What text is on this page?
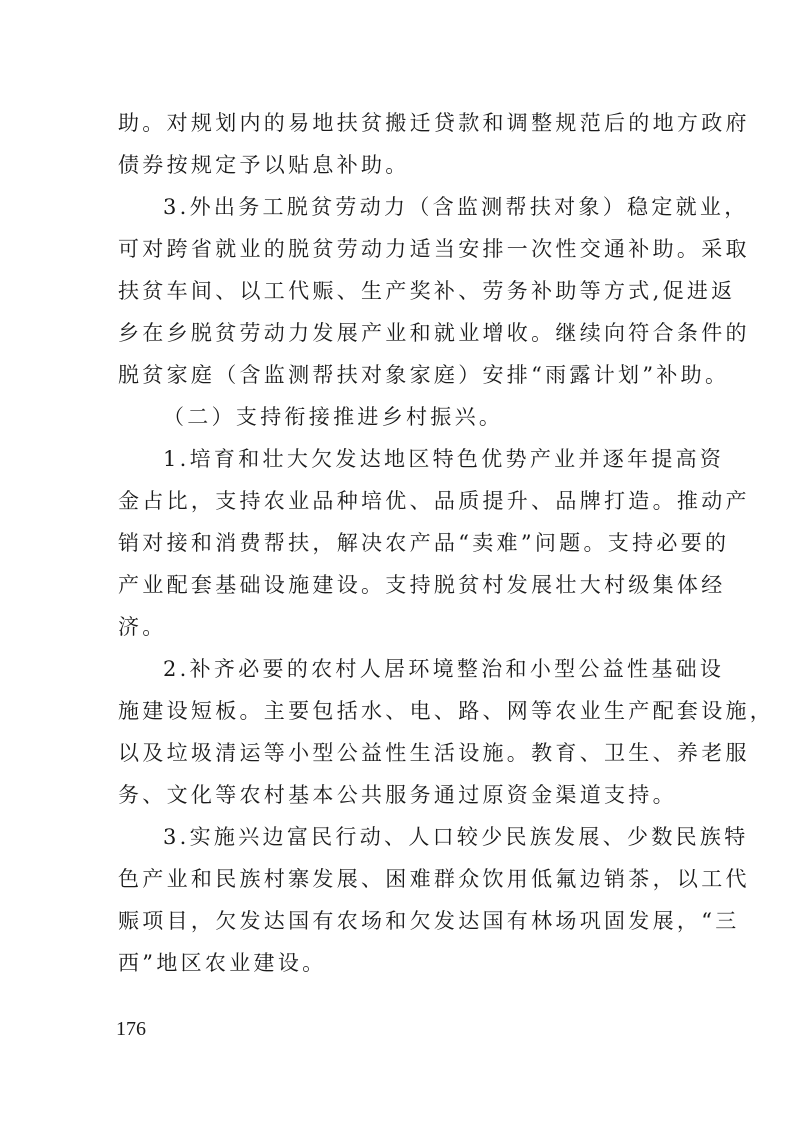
助。对规划内的易地扶贫搬迁贷款和调整规范后的地方政府
债券按规定予以贴息补助。
3.外出务工脱贫劳动力（含监测帮扶对象）稳定就业，
可对跨省就业的脱贫劳动力适当安排一次性交通补助。采取
扶贫车间、以工代赈、生产奖补、劳务补助等方式,促进返
乡在乡脱贫劳动力发展产业和就业增收。继续向符合条件的
脱贫家庭（含监测帮扶对象家庭）安排“雨露计划”补助。
（二）支持衔接推进乡村振兴。
1.培育和壮大欠发达地区特色优势产业并逐年提高资
金占比，支持农业品种培优、品质提升、品牌打造。推动产
销对接和消费帮扶，解决农产品“卖难”问题。支持必要的
产业配套基础设施建设。支持脱贫村发展壮大村级集体经
济。
2.补齐必要的农村人居环境整治和小型公益性基础设
施建设短板。主要包括水、电、路、网等农业生产配套设施，
以及垃圾清运等小型公益性生活设施。教育、卫生、养老服
务、文化等农村基本公共服务通过原资金渠道支持。
3.实施兴边富民行动、人口较少民族发展、少数民族特
色产业和民族村寨发展、困难群众饮用低氟边销茶，以工代
赈项目，欠发达国有农场和欠发达国有林场巩固发展，“三
西”地区农业建设。
176
